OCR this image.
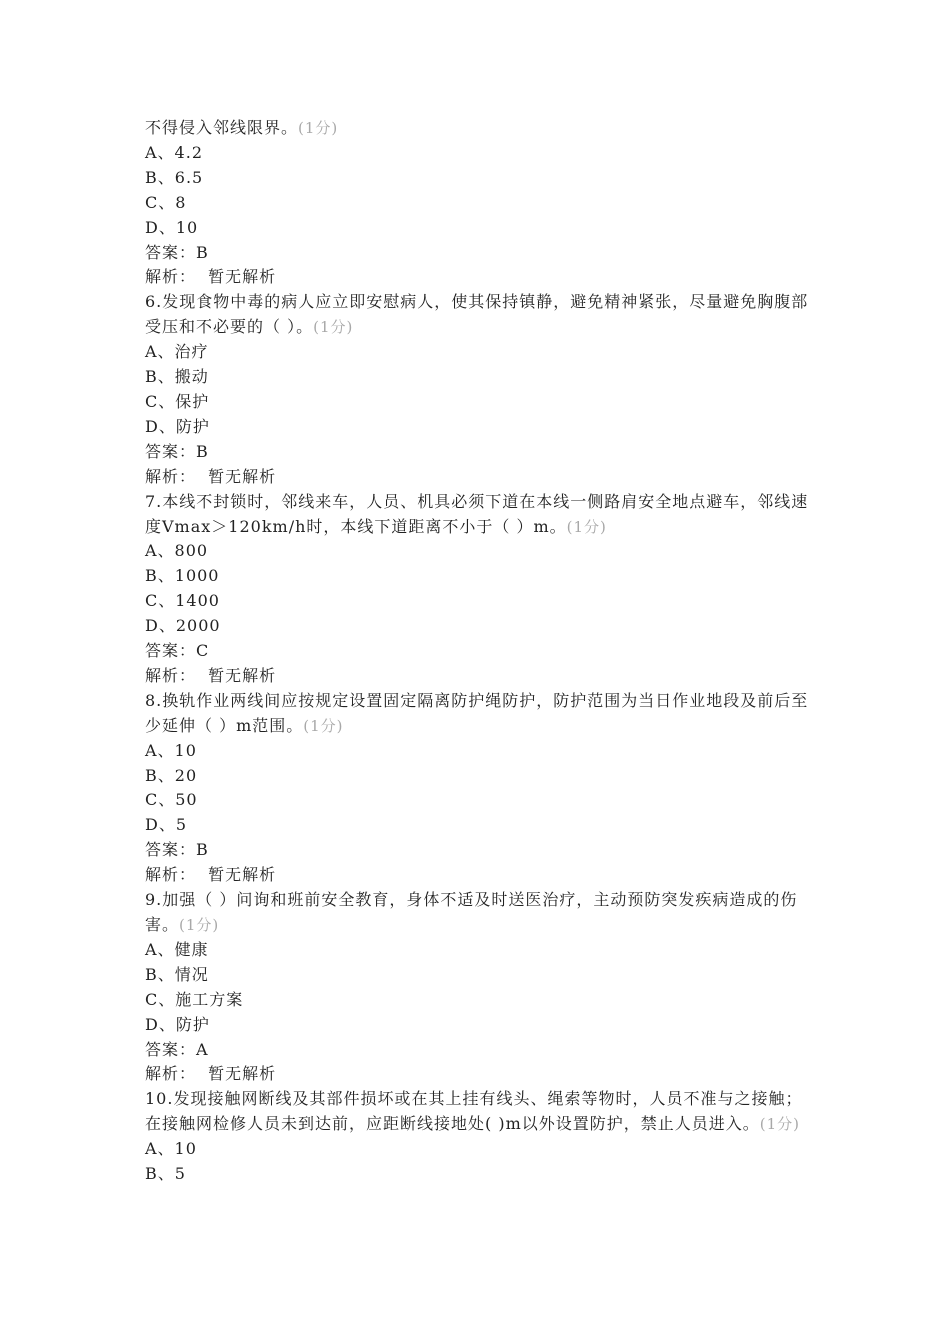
不得侵入邻线限界。(1分)
A、4.2
B、6.5
C、8
D、10
答案：B
解析：  暂无解析
6.发现食物中毒的病人应立即安慰病人，使其保持镇静，避免精神紧张，尽量避免胸腹部受压和不必要的（ ）。(1分)
A、治疗
B、搬动
C、保护
D、防护
答案：B
解析：  暂无解析
7.本线不封锁时，邻线来车，人员、机具必须下道在本线一侧路肩安全地点避车，邻线速度Vmax＞120km/h时，本线下道距离不小于（ ）m。(1分)
A、800
B、1000
C、1400
D、2000
答案：C
解析：  暂无解析
8.换轨作业两线间应按规定设置固定隔离防护绳防护，防护范围为当日作业地段及前后至少延伸（ ）m范围。(1分)
A、10
B、20
C、50
D、5
答案：B
解析：  暂无解析
9.加强（ ）问询和班前安全教育，身体不适及时送医治疗，主动预防突发疾病造成的伤害。(1分)
A、健康
B、情况
C、施工方案
D、防护
答案：A
解析：  暂无解析
10.发现接触网断线及其部件损坏或在其上挂有线头、绳索等物时，人员不准与之接触；在接触网检修人员未到达前，应距断线接地处( )m以外设置防护，禁止人员进入。(1分)
A、10
B、5
